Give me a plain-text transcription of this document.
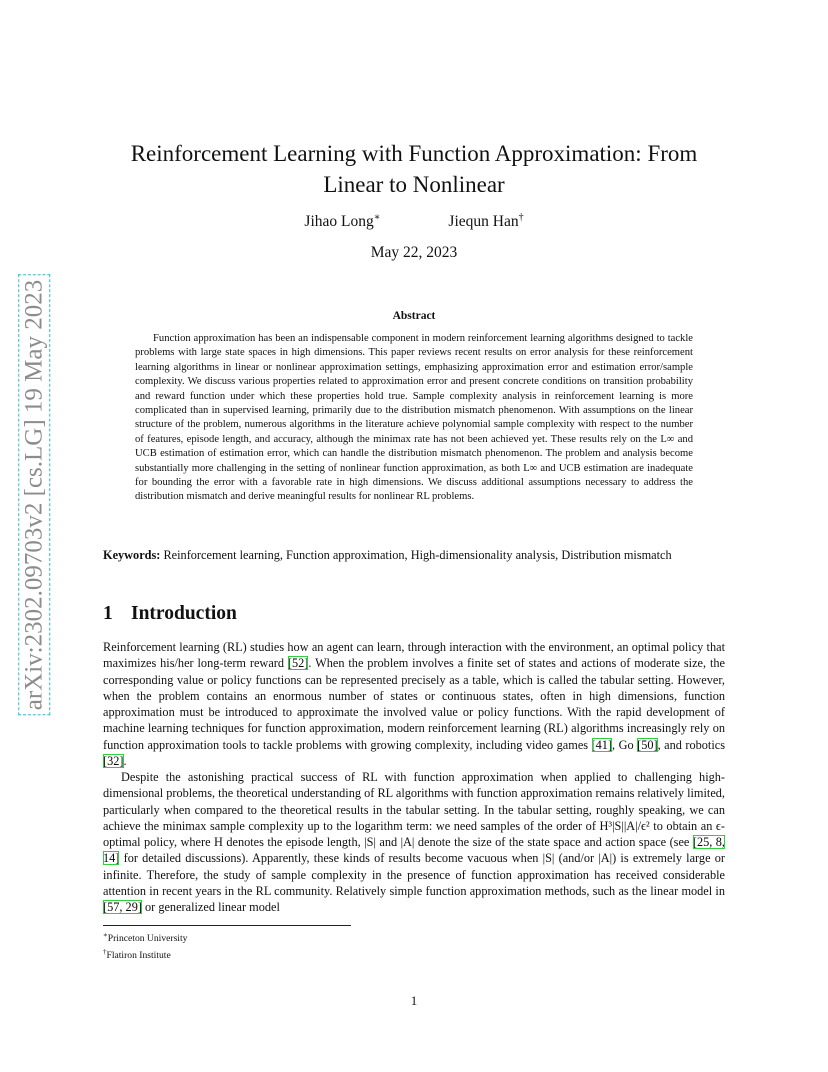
arXiv:2302.09703v2 [cs.LG] 19 May 2023
Reinforcement Learning with Function Approximation: From Linear to Nonlinear
Jihao Long∗	Jiequn Han†
May 22, 2023
Abstract

Function approximation has been an indispensable component in modern reinforcement learning algorithms designed to tackle problems with large state spaces in high dimensions. This paper reviews recent results on error analysis for these reinforcement learning algorithms in linear or nonlinear approximation settings, emphasizing approximation error and estimation error/sample complexity. We discuss various properties related to approximation error and present concrete conditions on transition probability and reward function under which these properties hold true. Sample complexity analysis in reinforcement learning is more complicated than in supervised learning, primarily due to the distribution mismatch phenomenon. With assumptions on the linear structure of the problem, numerous algorithms in the literature achieve polynomial sample complexity with respect to the number of features, episode length, and accuracy, although the minimax rate has not been achieved yet. These results rely on the L∞ and UCB estimation of estimation error, which can handle the distribution mismatch phenomenon. The problem and analysis become substantially more challenging in the setting of nonlinear function approximation, as both L∞ and UCB estimation are inadequate for bounding the error with a favorable rate in high dimensions. We discuss additional assumptions necessary to address the distribution mismatch and derive meaningful results for nonlinear RL problems.

Keywords: Reinforcement learning, Function approximation, High-dimensionality analysis, Distribution mismatch

1 Introduction

Reinforcement learning (RL) studies how an agent can learn, through interaction with the environment, an optimal policy that maximizes his/her long-term reward [52]. When the problem involves a finite set of states and actions of moderate size, the corresponding value or policy functions can be represented precisely as a table, which is called the tabular setting. However, when the problem contains an enormous number of states or continuous states, often in high dimensions, function approximation must be introduced to approximate the involved value or policy functions. With the rapid development of machine learning techniques for function approximation, modern reinforcement learning (RL) algorithms increasingly rely on function approximation tools to tackle problems with growing complexity, including video games [41], Go [50], and robotics [32].

Despite the astonishing practical success of RL with function approximation when applied to challenging high-dimensional problems, the theoretical understanding of RL algorithms with function approximation remains relatively limited, particularly when compared to the theoretical results in the tabular setting. In the tabular setting, roughly speaking, we can achieve the minimax sample complexity up to the logarithm term: we need samples of the order of H³|S||A|/ϵ² to obtain an ϵ-optimal policy, where H denotes the episode length, |S| and |A| denote the size of the state space and action space (see [25, 8, 14] for detailed discussions). Apparently, these kinds of results become vacuous when |S| (and/or |A|) is extremely large or infinite. Therefore, the study of sample complexity in the presence of function approximation has received considerable attention in recent years in the RL community. Relatively simple function approximation methods, such as the linear model in [57, 29] or generalized linear model

∗Princeton University
†Flatiron Institute
1
